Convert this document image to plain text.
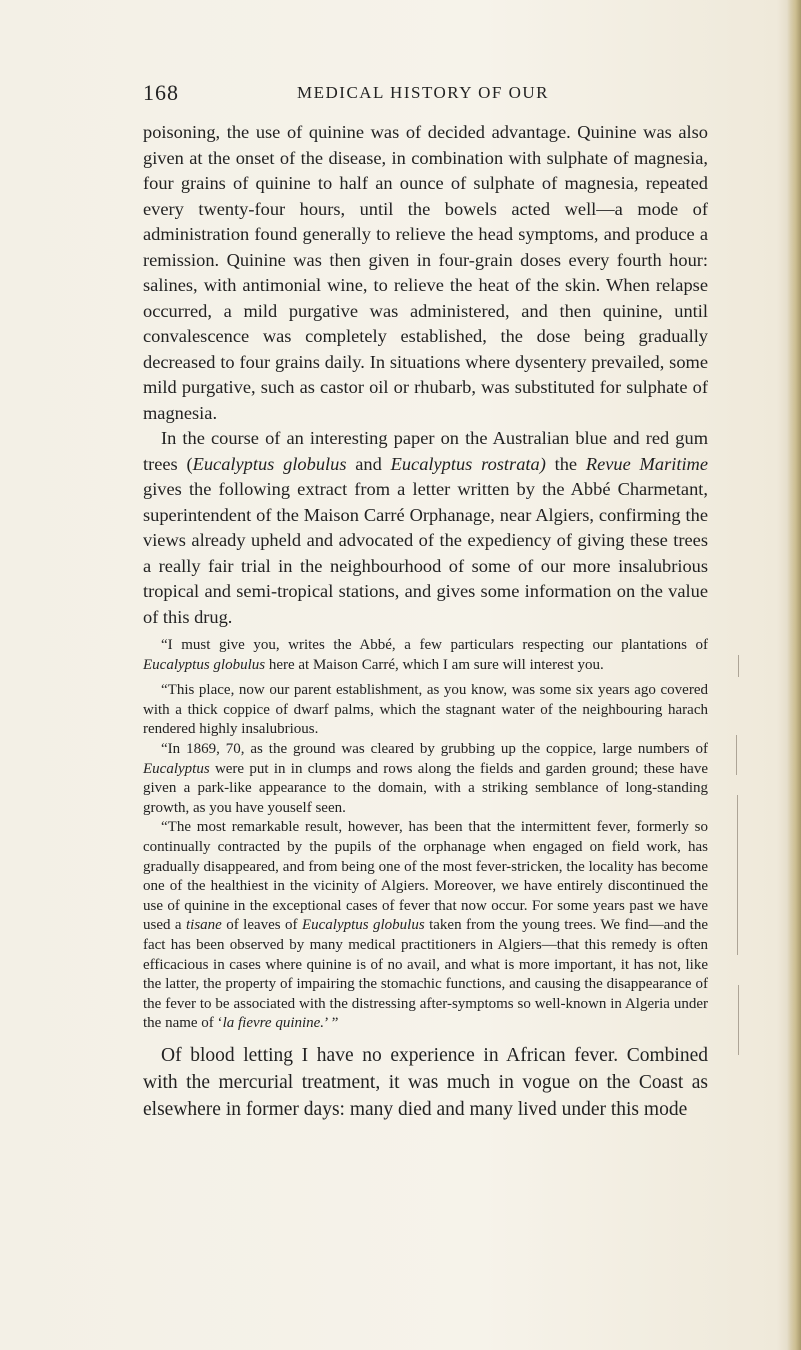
168	MEDICAL HISTORY OF OUR

poisoning, the use of quinine was of decided advantage. Quinine was also given at the onset of the disease, in combination with sulphate of magnesia, four grains of quinine to half an ounce of sulphate of magnesia, repeated every twenty-four hours, until the bowels acted well—a mode of administration found generally to relieve the head symptoms, and produce a remission. Quinine was then given in four-grain doses every fourth hour: salines, with antimonial wine, to relieve the heat of the skin. When relapse occurred, a mild purgative was administered, and then quinine, until convalescence was completely established, the dose being gradually decreased to four grains daily. In situations where dysentery prevailed, some mild purgative, such as castor oil or rhubarb, was substituted for sulphate of magnesia.

In the course of an interesting paper on the Australian blue and red gum trees (Eucalyptus globulus and Eucalyptus rostrata) the Revue Maritime gives the following extract from a letter written by the Abbé Charmetant, superintendent of the Maison Carré Orphanage, near Algiers, confirming the views already upheld and advocated of the expediency of giving these trees a really fair trial in the neighbourhood of some of our more insalubrious tropical and semi-tropical stations, and gives some information on the value of this drug.

“I must give you, writes the Abbé, a few particulars respecting our plantations of Eucalyptus globulus here at Maison Carré, which I am sure will interest you.

“This place, now our parent establishment, as you know, was some six years ago covered with a thick coppice of dwarf palms, which the stagnant water of the neighbouring harach rendered highly insalubrious.

“In 1869, 70, as the ground was cleared by grubbing up the coppice, large numbers of Eucalyptus were put in in clumps and rows along the fields and garden ground; these have given a park-like appearance to the domain, with a striking semblance of long-standing growth, as you have youself seen.

“The most remarkable result, however, has been that the intermittent fever, formerly so continually contracted by the pupils of the orphanage when engaged on field work, has gradually disappeared, and from being one of the most fever-stricken, the locality has become one of the healthiest in the vicinity of Algiers. Moreover, we have entirely discontinued the use of quinine in the exceptional cases of fever that now occur. For some years past we have used a tisane of leaves of Eucalyptus globulus taken from the young trees. We find—and the fact has been observed by many medical practitioners in Algiers—that this remedy is often efficacious in cases where quinine is of no avail, and what is more important, it has not, like the latter, the property of impairing the stomachic functions, and causing the disappearance of the fever to be associated with the distressing after-symptoms so well-known in Algeria under the name of ‘la fievre quinine.’ ”

Of blood letting I have no experience in African fever. Combined with the mercurial treatment, it was much in vogue on the Coast as elsewhere in former days: many died and many lived under this mode
